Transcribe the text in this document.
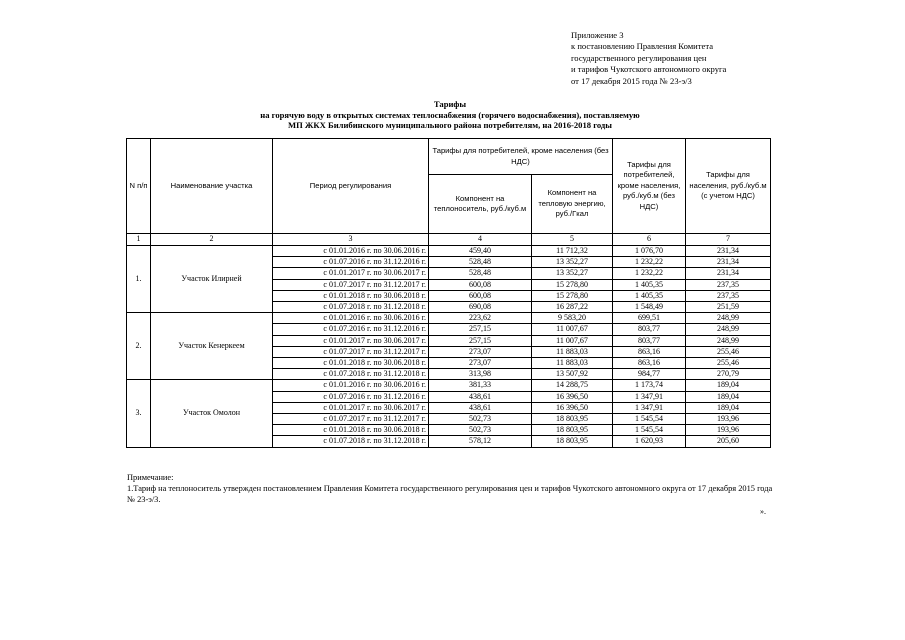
Приложение 3
к постановлению Правления Комитета
государственного регулирования цен
и тарифов Чукотского автономного округа
от 17 декабря 2015 года № 23-э/3
Тарифы
на горячую воду в открытых системах теплоснабжения (горячего водоснабжения), поставляемую
МП ЖКХ Билибинского муниципального района потребителям, на 2016-2018 годы
N п/п	Наименование участка	Период регулирования	Тарифы для потребителей, кроме населения (без НДС)		Тарифы для потребителей, кроме населения, руб./куб.м (без НДС)	Тарифы для населения, руб./куб.м (с учетом НДС)
			Компонент на теплоноситель, руб./куб.м	Компонент на тепловую энергию, руб./Гкал		
1	2	3	4	5	6	7
1.	Участок Илирней	с 01.01.2016 г. по 30.06.2016 г.	459,40	11 712,32	1 076,70	231,34
		с 01.07.2016 г. по 31.12.2016 г.	528,48	13 352,27	1 232,22	231,34
		с 01.01.2017 г. по 30.06.2017 г.	528,48	13 352,27	1 232,22	231,34
		с 01.07.2017 г. по 31.12.2017 г.	600,08	15 278,80	1 405,35	237,35
		с 01.01.2018 г. по 30.06.2018 г.	600,08	15 278,80	1 405,35	237,35
		с 01.07.2018 г. по 31.12.2018 г.	690,08	16 287,22	1 548,49	251,59
2.	Участок Кенеркеем	с 01.01.2016 г. по 30.06.2016 г.	223,62	9 583,20	699,51	248,99
		с 01.07.2016 г. по 31.12.2016 г.	257,15	11 007,67	803,77	248,99
		с 01.01.2017 г. по 30.06.2017 г.	257,15	11 007,67	803,77	248,99
		с 01.07.2017 г. по 31.12.2017 г.	273,07	11 883,03	863,16	255,46
		с 01.01.2018 г. по 30.06.2018 г.	273,07	11 883,03	863,16	255,46
		с 01.07.2018 г. по 31.12.2018 г.	313,98	13 507,92	984,77	270,79
3.	Участок Омолон	с 01.01.2016 г. по 30.06.2016 г.	381,33	14 288,75	1 173,74	189,04
		с 01.07.2016 г. по 31.12.2016 г.	438,61	16 396,50	1 347,91	189,04
		с 01.01.2017 г. по 30.06.2017 г.	438,61	16 396,50	1 347,91	189,04
		с 01.07.2017 г. по 31.12.2017 г.	502,73	18 803,95	1 545,54	193,96
		с 01.01.2018 г. по 30.06.2018 г.	502,73	18 803,95	1 545,54	193,96
		с 01.07.2018 г. по 31.12.2018 г.	578,12	18 803,95	1 620,93	205,60
Примечание:
1.Тариф на теплоноситель утвержден постановлением Правления Комитета государственного регулирования цен и тарифов Чукотского автономного округа от 17 декабря 2015 года № 23-э/3.
».
